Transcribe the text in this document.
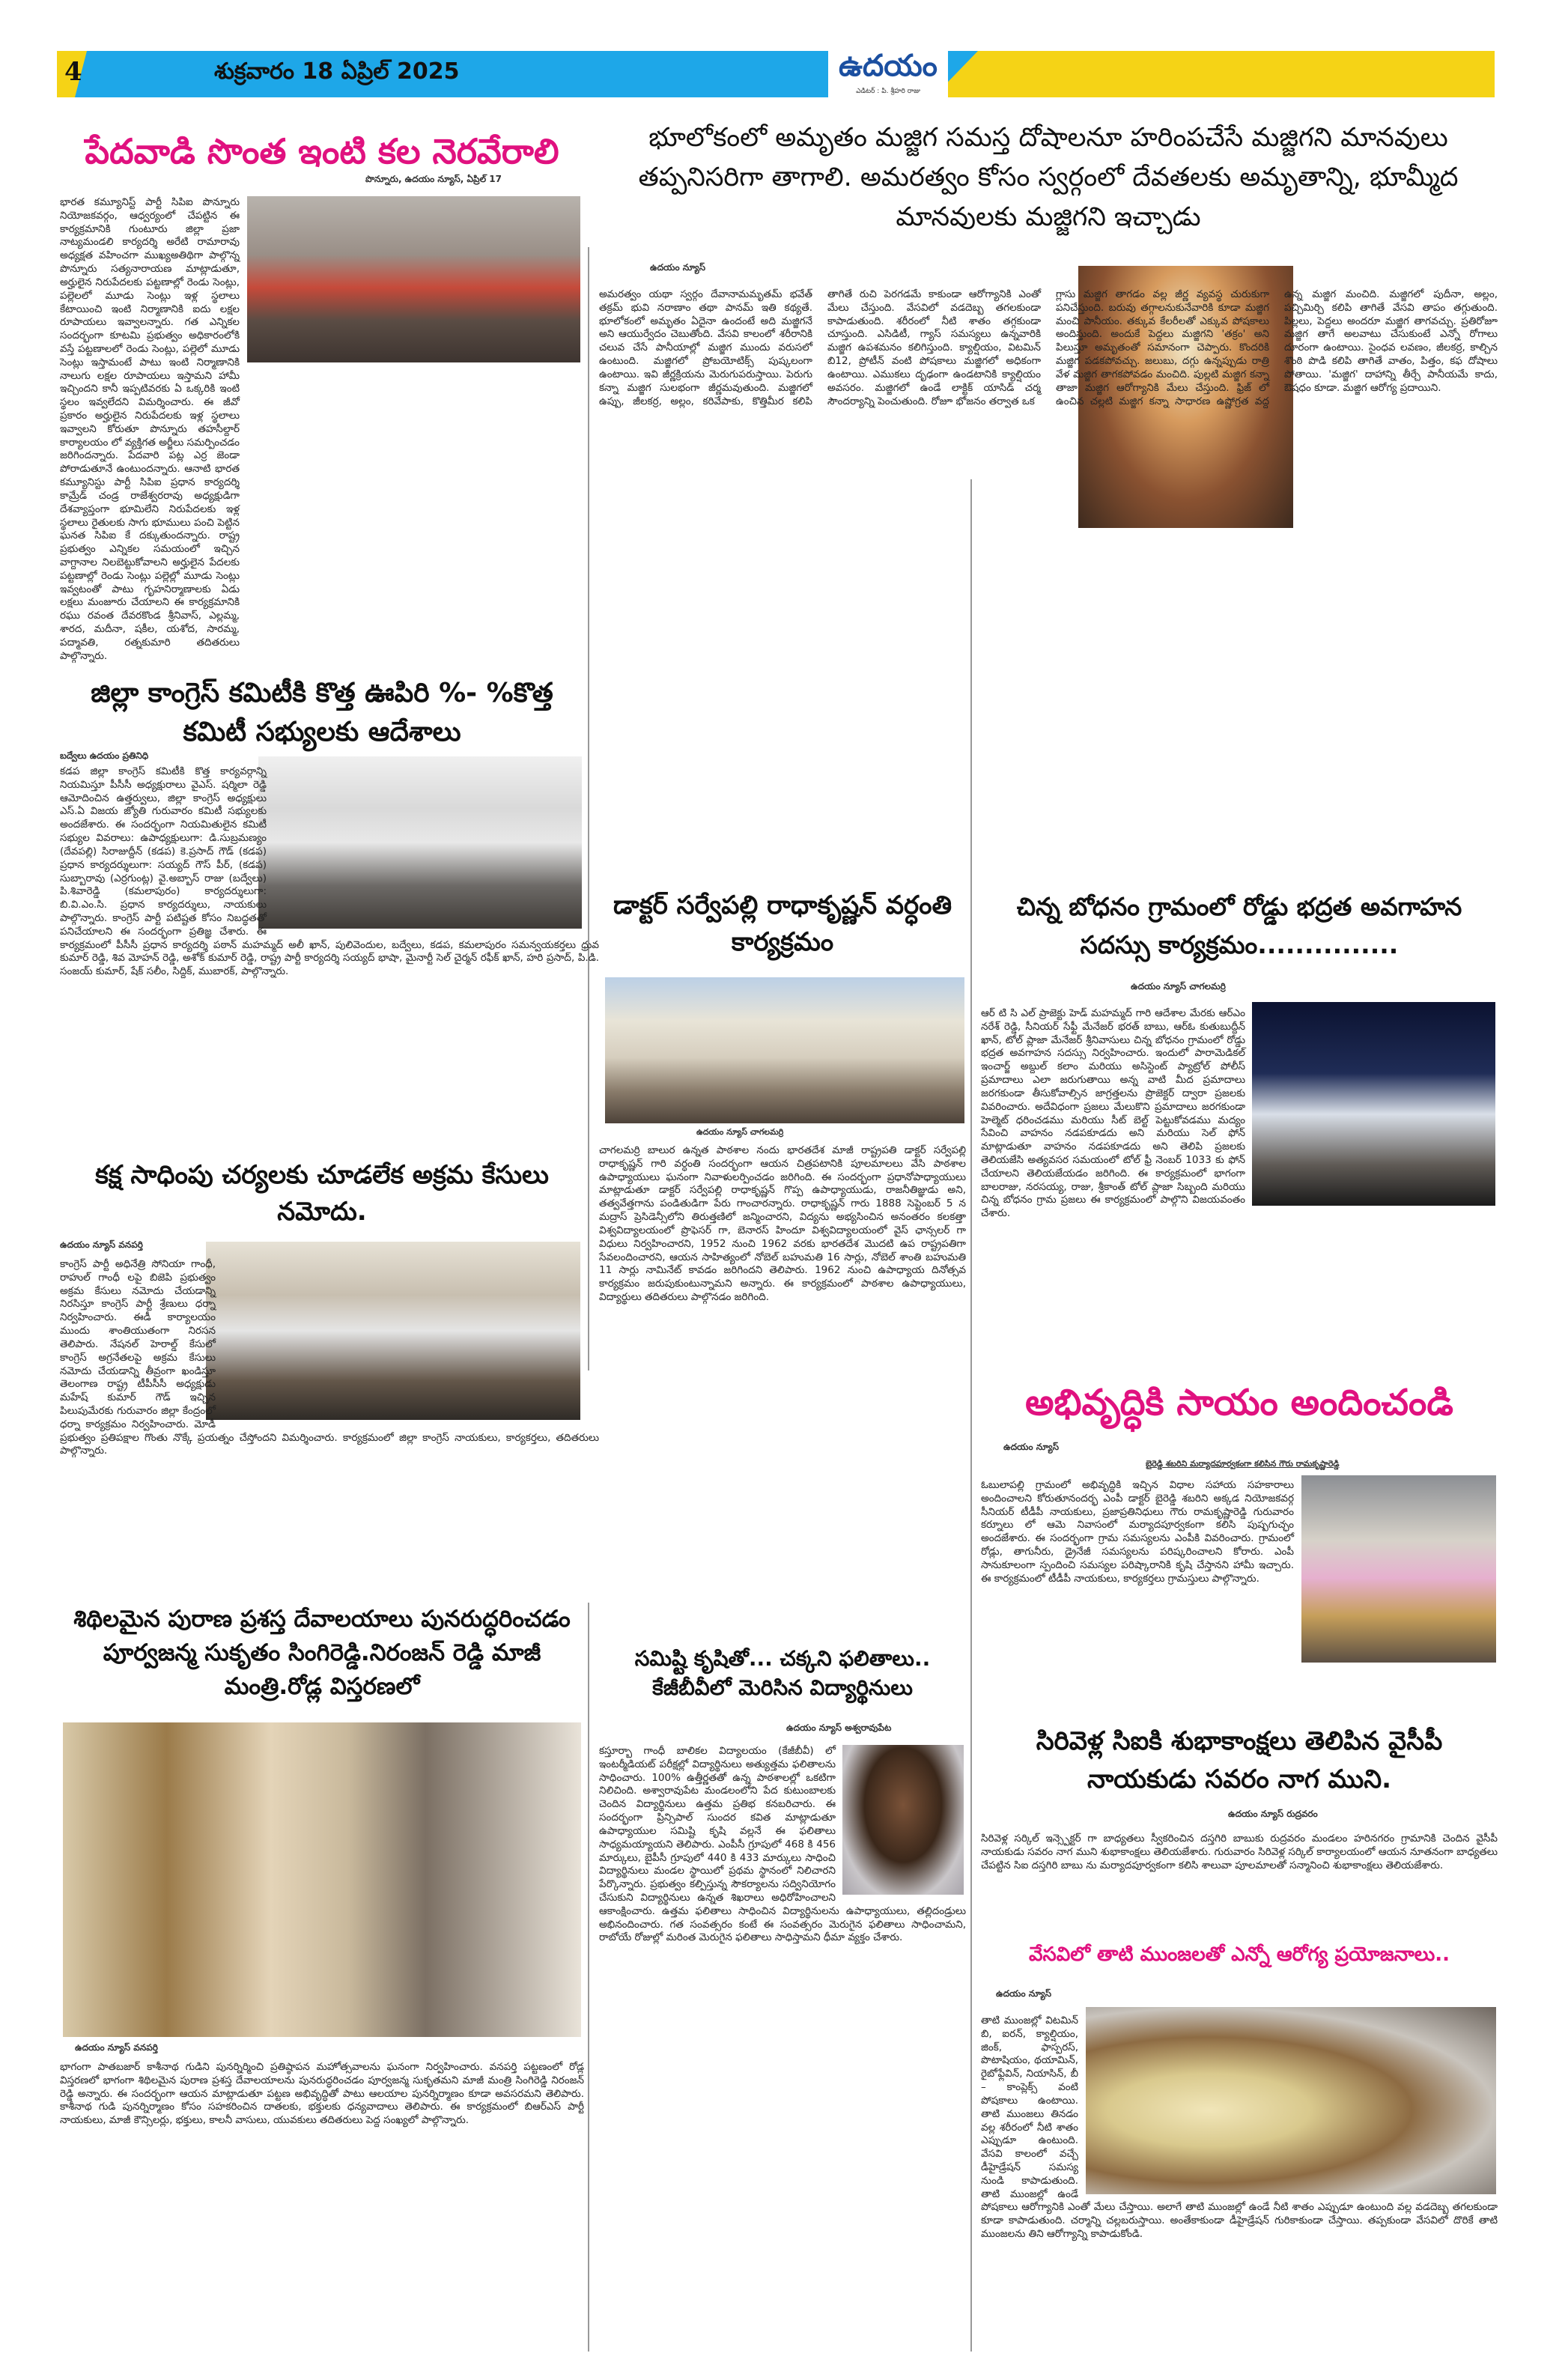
4	శుక్రవారం 18 ఏప్రిల్ 2025	ఉదయం
ఎడిటర్ : పి. శ్రీహరి రాజు
పేదవాడి సొంత ఇంటి కల నెరవేరాలి
పొన్నూరు, ఉదయం న్యూస్, ఏప్రిల్ 17
భారత కమ్యూనిస్ట్ పార్టీ సిపిఐ పొన్నూరు నియోజకవర్గం, ఆధ్వర్యంలో చేపట్టిన ఈ కార్యక్రమానికి గుంటూరు జిల్లా ప్రజా నాట్యమండలి కార్యదర్శి అరేటి రామారావు అధ్యక్షత వహించగా ముఖ్యఅతిథిగా పాల్గొన్న పొన్నూరు సత్యనారాయణ మాట్లాడుతూ, అర్హులైన నిరుపేదలకు పట్టణాల్లో రెండు సెంట్లు, పల్లెలలో మూడు సెంట్లు ఇళ్ల స్థలాలు కేటాయించి ఇంటి నిర్మాణానికి ఐదు లక్షల రూపాయలు ఇవ్వాలన్నారు. గత ఎన్నికల సందర్భంగా కూటమి ప్రభుత్వం అధికారంలోకి వస్తే పట్టణాలలో రెండు సెంట్లు, పల్లెలో మూడు సెంట్లు ఇస్తామంటే పాటు ఇంటి నిర్మాణానికి నాలుగు లక్షల రూపాయలు ఇస్తామని హామీ ఇచ్చిందని కానీ ఇప్పటివరకు ఏ ఒక్కరికి ఇంటి స్థలం ఇవ్వలేదని విమర్శించారు. ఈ జీవో ప్రకారం అర్హులైన నిరుపేదలకు ఇళ్ల స్థలాలు ఇవ్వాలని కోరుతూ పొన్నూరు తహసీల్దార్ కార్యాలయం లో వ్యక్తిగత అర్జీలు సమర్పించడం జరిగిందన్నారు. పేదవారి పట్ల ఎర్ర జెండా పోరాడుతూనే ఉంటుందన్నారు. ఆనాటి భారత కమ్యూనిస్టు పార్టీ సిపిఐ ప్రధాన కార్యదర్శి కామ్రేడ్ చండ్ర రాజేశ్వరరావు అధ్యక్షుడిగా దేశవ్యాప్తంగా భూమిలేని నిరుపేదలకు ఇళ్ల స్థలాలు రైతులకు సాగు భూములు పంచి పెట్టిన ఘనత సిపిఐ కే దక్కుతుందన్నారు. రాష్ట్ర ప్రభుత్వం ఎన్నికల సమయంలో ఇచ్చిన వాగ్దానాల నిలబెట్టుకోవాలని అర్హులైన పేదలకు పట్టణాల్లో రెండు సెంట్లు పల్లెల్లో మూడు సెంట్లు ఇవ్వటంతో పాటు గృహనిర్మాణాలకు ఏడు లక్షలు మంజూరు చేయాలని ఈ కార్యక్రమానికి రఘు రవంత దేవరకొండ శ్రీనివాస్, ఎల్లమ్మ, శారద, మదీనా, షకీల, యశోద, సారమ్మ, పద్మావతి, రత్నకుమారి తదితరులు పాల్గొన్నారు.
జిల్లా కాంగ్రెస్ కమిటీకి కొత్త ఊపిరి %- %కొత్త కమిటీ సభ్యులకు ఆదేశాలు
బద్వేలు ఉదయం ప్రతినిధి
కడప జిల్లా కాంగ్రెస్ కమిటీకి కొత్త కార్యవర్గాన్ని నియమిస్తూ పీసీసీ అధ్యక్షురాలు వైఎస్. షర్మిలా రెడ్డి ఆమోదించిన ఉత్తర్వులు, జిల్లా కాంగ్రెస్ అధ్యక్షులు ఎస్.ఏ విజయ జ్యోతి గురువారం కమిటీ సభ్యులకు అందజేశారు. ఈ సందర్భంగా నియమితులైన కమిటీ సభ్యుల వివరాలు: ఉపాధ్యక్షులుగా: డి.సుబ్రమణ్యం (దేవపల్లి) సిరాజుద్దీన్ (కడప) కె.ప్రసాద్ గౌడ్ (కడప) ప్రధాన కార్యదర్శులుగా: సయ్యద్ గౌస్ పీర్, (కడప) సుబ్బారావు (ఎర్రగుంట్ల) వై.అబ్బాస్ రాజు (బద్వేలు) పి.శివారెడ్డి (కమలాపురం) కార్యదర్శులుగా: బి.వి.ఎం.సి. ప్రధాన కార్యదర్శులు, నాయకులు పాల్గొన్నారు. కాంగ్రెస్ పార్టీ పటిష్టత కోసం నిబద్ధతతో పనిచేయాలని ఈ సందర్భంగా ప్రతిజ్ఞ చేశారు. ఈ కార్యక్రమంలో పీసీసీ ప్రధాన కార్యదర్శి పఠాన్ మహమ్మద్ అలీ ఖాన్, పులివెందుల, బద్వేలు, కడప, కమలాపురం సమన్వయకర్తలు ధ్రువ కుమార్ రెడ్డి, శివ మోహన్ రెడ్డి, అశోక్ కుమార్ రెడ్డి, రాష్ట్ర పార్టీ కార్యదర్శి సయ్యద్ భాషా, మైనార్టీ సెల్ చైర్మన్ రఫీక్ ఖాన్, హరి ప్రసాద్, పి.డి. సంజయ్ కుమార్, షేక్ సలీం, సిద్దిక్, ముబారక్, పాల్గొన్నారు.
కక్ష సాధింపు చర్యలకు చూడలేక అక్రమ కేసులు నమోదు.
ఉదయం న్యూస్ వనపర్తి
కాంగ్రెస్ పార్టీ అధినేత్రి సోనియా గాంధీ, రాహుల్ గాంధీ లపై బిజెపి ప్రభుత్వం అక్రమ కేసులు నమోదు చేయడాన్ని నిరసిస్తూ కాంగ్రెస్ పార్టీ శ్రేణులు ధర్నా నిర్వహించారు. ఈడీ కార్యాలయం ముందు శాంతియుతంగా నిరసన తెలిపారు. నేషనల్ హెరాల్డ్ కేసులో కాంగ్రెస్ అగ్రనేతలపై అక్రమ కేసులు నమోదు చేయడాన్ని తీవ్రంగా ఖండిస్తూ తెలంగాణ రాష్ట్ర టీపీసీసీ అధ్యక్షుడు మహేష్ కుమార్ గౌడ్ ఇచ్చిన పిలుపుమేరకు గురువారం జిల్లా కేంద్రంలో ధర్నా కార్యక్రమం నిర్వహించారు. మోడీ ప్రభుత్వం ప్రతిపక్షాల గొంతు నొక్కే ప్రయత్నం చేస్తోందని విమర్శించారు. కార్యక్రమంలో జిల్లా కాంగ్రెస్ నాయకులు, కార్యకర్తలు, తదితరులు పాల్గొన్నారు.
శిథిలమైన పురాణ ప్రశస్త దేవాలయాలు పునరుద్ధరించడం పూర్వజన్మ సుకృతం సింగిరెడ్డి.నిరంజన్ రెడ్డి మాజీ మంత్రి.రోడ్ల విస్తరణలో
ఉదయం న్యూస్ వనపర్తి
భాగంగా పాతబజార్ కాశీనాథ గుడిని పునర్నిర్మించి ప్రతిష్ఠాపన మహోత్సవాలను ఘనంగా నిర్వహించారు. వనపర్తి పట్టణంలో రోడ్ల విస్తరణలో భాగంగా శిథిలమైన పురాణ ప్రశస్త దేవాలయాలను పునరుద్ధరించడం పూర్వజన్మ సుకృతమని మాజీ మంత్రి సింగిరెడ్డి నిరంజన్ రెడ్డి అన్నారు. ఈ సందర్భంగా ఆయన మాట్లాడుతూ పట్టణ అభివృద్ధితో పాటు ఆలయాల పునర్నిర్మాణం కూడా అవసరమని తెలిపారు. కాశీనాథ గుడి పునర్నిర్మాణం కోసం సహకరించిన దాతలకు, భక్తులకు ధన్యవాదాలు తెలిపారు. ఈ కార్యక్రమంలో బిఆర్ఎస్ పార్టీ నాయకులు, మాజీ కౌన్సిలర్లు, భక్తులు, కాలనీ వాసులు, యువకులు తదితరులు పెద్ద సంఖ్యలో పాల్గొన్నారు.
భూలోకంలో అమృతం మజ్జిగ సమస్త దోషాలనూ హరింపచేసే మజ్జిగని మానవులు తప్పనిసరిగా తాగాలి. అమరత్వం కోసం స్వర్గంలో దేవతలకు అమృతాన్ని, భూమ్మీద మానవులకు మజ్జిగని ఇచ్చాడు
ఉదయం న్యూస్
అమరత్వం యథా స్వర్గం దేవానామమృతమ్ భవేత్ తక్రమ్ భువి నరాణాం తథా పానమ్ ఇతి కథ్యతే. భూలోకంలో అమృతం ఏదైనా ఉందంటే అది మజ్జిగనే అని ఆయుర్వేదం చెబుతోంది. వేసవి కాలంలో శరీరానికి చలువ చేసే పానీయాల్లో మజ్జిగ ముందు వరుసలో ఉంటుంది. మజ్జిగలో ప్రోబయోటిక్స్ పుష్కలంగా ఉంటాయి. ఇవి జీర్ణక్రియను మెరుగుపరుస్తాయి. పెరుగు కన్నా మజ్జిగ సులభంగా జీర్ణమవుతుంది. మజ్జిగలో ఉప్పు, జీలకర్ర, అల్లం, కరివేపాకు, కొత్తిమీర కలిపి తాగితే రుచి పెరగడమే కాకుండా ఆరోగ్యానికి ఎంతో మేలు చేస్తుంది. వేసవిలో వడదెబ్బ తగలకుండా కాపాడుతుంది. శరీరంలో నీటి శాతం తగ్గకుండా చూస్తుంది. ఎసిడిటీ, గ్యాస్ సమస్యలు ఉన్నవారికి మజ్జిగ ఉపశమనం కలిగిస్తుంది. క్యాల్షియం, విటమిన్ బి12, ప్రోటీన్ వంటి పోషకాలు మజ్జిగలో అధికంగా ఉంటాయి. ఎముకలు దృఢంగా ఉండటానికి క్యాల్షియం అవసరం. మజ్జిగలో ఉండే లాక్టిక్ యాసిడ్ చర్మ సౌందర్యాన్ని పెంచుతుంది. రోజూ భోజనం తర్వాత ఒక
గ్లాసు మజ్జిగ తాగడం వల్ల జీర్ణ వ్యవస్థ చురుకుగా పనిచేస్తుంది. బరువు తగ్గాలనుకునేవారికి కూడా మజ్జిగ మంచి పానీయం. తక్కువ కేలరీలతో ఎక్కువ పోషకాలు అందిస్తుంది. అందుకే పెద్దలు మజ్జిగని 'తక్రం' అని పిలుస్తూ అమృతంతో సమానంగా చెప్పారు. కొందరికి మజ్జిగ పడకపోవచ్చు. జలుబు, దగ్గు ఉన్నప్పుడు రాత్రి వేళ మజ్జిగ తాగకపోవడం మంచిది. పుల్లటి మజ్జిగ కన్నా తాజా మజ్జిగ ఆరోగ్యానికి మేలు చేస్తుంది. ఫ్రిజ్ లో ఉంచిన చల్లటి మజ్జిగ కన్నా సాధారణ ఉష్ణోగ్రత వద్ద ఉన్న మజ్జిగ మంచిది. మజ్జిగలో పుదీనా, అల్లం, పచ్చిమిర్చి కలిపి తాగితే వేసవి తాపం తగ్గుతుంది. పిల్లలు, పెద్దలు అందరూ మజ్జిగ తాగవచ్చు. ప్రతిరోజూ మజ్జిగ తాగే అలవాటు చేసుకుంటే ఎన్నో రోగాలు దూరంగా ఉంటాయి. సైంధవ లవణం, జీలకర్ర, కాల్చిన శొంఠి పొడి కలిపి తాగితే వాతం, పిత్తం, కఫ దోషాలు పోతాయి. 'మజ్జిగ' దాహాన్ని తీర్చే పానీయమే కాదు, ఔషధం కూడా. మజ్జిగ ఆరోగ్య ప్రదాయిని.
డాక్టర్ సర్వేపల్లి రాధాకృష్ణన్ వర్ధంతి కార్యక్రమం
ఉదయం న్యూస్ చాగలమర్రి
చాగలమర్రి బాలుర ఉన్నత పాఠశాల నందు భారతదేశ మాజీ రాష్ట్రపతి డాక్టర్ సర్వేపల్లి రాధాకృష్ణన్ గారి వర్ధంతి సందర్భంగా ఆయన చిత్రపటానికి పూలమాలలు వేసి పాఠశాల ఉపాధ్యాయులు ఘనంగా నివాళులర్పించడం జరిగింది. ఈ సందర్భంగా ప్రధానోపాధ్యాయులు మాట్లాడుతూ డాక్టర్ సర్వేపల్లి రాధాకృష్ణన్ గొప్ప ఉపాధ్యాయుడు, రాజనీతిజ్ఞుడు అని, తత్వవేత్తగాను పండితుడిగా పేరు గాంచారన్నారు. రాధాకృష్ణన్ గారు 1888 సెప్టెంబర్ 5 న మద్రాస్ ప్రెసిడెన్సీలోని తిరుత్తణిలో జన్మించారని, విద్యను అభ్యసించిన అనంతరం కలకత్తా విశ్వవిద్యాలయంలో ప్రొఫెసర్ గా, బెనారస్ హిందూ విశ్వవిద్యాలయంలో వైస్ ఛాన్సలర్ గా విధులు నిర్వహించారని, 1952 నుంచి 1962 వరకు భారతదేశ మొదటి ఉప రాష్ట్రపతిగా సేవలందించారని, ఆయన సాహిత్యంలో నోబెల్ బహుమతి 16 సార్లు, నోబెల్ శాంతి బహుమతి 11 సార్లు నామినేట్ కావడం జరిగిందని తెలిపారు. 1962 నుంచి ఉపాధ్యాయ దినోత్సవ కార్యక్రమం జరుపుకుంటున్నామని అన్నారు. ఈ కార్యక్రమంలో పాఠశాల ఉపాధ్యాయులు, విద్యార్థులు తదితరులు పాల్గొనడం జరిగింది.
సమిష్టి కృషితో... చక్కని ఫలితాలు.. కేజీబీవీలో మెరిసిన విద్యార్థినులు
ఉదయం న్యూస్ అశ్వరావుపేట
కస్తూర్బా గాంధీ బాలికల విద్యాలయం (కేజీబీవీ) లో ఇంటర్మీడియట్ పరీక్షల్లో విద్యార్థినులు అత్యుత్తమ ఫలితాలను సాధించారు. 100% ఉత్తీర్ణతతో ఉన్న పాఠశాలల్లో ఒకటిగా నిలిచింది. అశ్వారావుపేట మండలంలోని పేద కుటుంబాలకు చెందిన విద్యార్థినులు ఉత్తమ ప్రతిభ కనబరిచారు. ఈ సందర్భంగా ప్రిన్సిపాల్ సుందర కవిత మాట్లాడుతూ ఉపాధ్యాయుల సమిష్టి కృషి వల్లనే ఈ ఫలితాలు సాధ్యమయ్యాయని తెలిపారు. ఎంపీసీ గ్రూపులో 468 కి 456 మార్కులు, బైపీసీ గ్రూపులో 440 కి 433 మార్కులు సాధించి విద్యార్థినులు మండల స్థాయిలో ప్రథమ స్థానంలో నిలిచారని పేర్కొన్నారు. ప్రభుత్వం కల్పిస్తున్న సౌకర్యాలను సద్వినియోగం చేసుకుని విద్యార్థినులు ఉన్నత శిఖరాలు అధిరోహించాలని ఆకాంక్షించారు. ఉత్తమ ఫలితాలు సాధించిన విద్యార్థినులను ఉపాధ్యాయులు, తల్లిదండ్రులు అభినందించారు. గత సంవత్సరం కంటే ఈ సంవత్సరం మెరుగైన ఫలితాలు సాధించామని, రాబోయే రోజుల్లో మరింత మెరుగైన ఫలితాలు సాధిస్తామని ధీమా వ్యక్తం చేశారు.
చిన్న బోధనం గ్రామంలో రోడ్డు భద్రత అవగాహన సదస్సు కార్యక్రమం...............
ఉదయం న్యూస్ చాగలమర్రి
ఆర్ టి సి ఎల్ ప్రాజెక్టు హెడ్ మహమ్మద్ గారి ఆదేశాల మేరకు ఆర్ఎం నరేశ్ రెడ్డి, సీనియర్ సేఫ్టీ మేనేజర్ భరత్ బాబు, ఆర్ఓ కుతుబుద్దీన్ ఖాన్, టోల్ ప్లాజా మేనేజర్ శ్రీనివాసులు చిన్న బోధనం గ్రామంలో రోడ్డు భద్రత అవగాహన సదస్సు నిర్వహించారు. ఇందులో పారామెడికల్ ఇంచార్జ్ అబ్దుల్ కలాం మరియు అసిస్టెంట్ ప్యాట్రోల్ పోలీస్ ప్రమాదాలు ఎలా జరుగుతాయి అన్న వాటి మీద ప్రమాదాలు జరగకుండా తీసుకోవాల్సిన జాగ్రత్తలను ప్రొజెక్టర్ ద్వారా ప్రజలకు వివరించారు. అదేవిధంగా ప్రజలు మేలుకొని ప్రమాదాలు జరగకుండా హెల్మెట్ ధరించడము మరియు సీట్ బెల్ట్ పెట్టుకోవడము మద్యం సేవించి వాహనం నడపకూడదు అని మరియు సెల్ ఫోన్ మాట్లాడుతూ వాహనం నడపకూడదు అని తెలిపి ప్రజలకు తెలియజేసి అత్యవసర సమయంలో టోల్ ఫ్రీ నెంబర్ 1033 కు ఫోన్ చేయాలని తెలియజేయడం జరిగింది. ఈ కార్యక్రమంలో భాగంగా బాలరాజు, నరసయ్య, రాజు, శ్రీకాంత్ టోల్ ప్లాజా సిబ్బంది మరియు చిన్న బోధనం గ్రామ ప్రజలు ఈ కార్యక్రమంలో పాల్గొని విజయవంతం చేశారు.
అభివృద్ధికి సాయం అందించండి
ఉదయం న్యూస్
బైరెడ్డి శబరిని మర్యాదపూర్వకంగా కలిసిన గౌరు రామకృష్ణారెడ్డి
ఓబులాపల్లి గ్రామంలో అభివృద్ధికి ఇచ్చిన విధాల సహాయ సహకారాలు అందించాలని కోరుతూనందర్భ ఎంపీ డాక్టర్ బైరెడ్డి శబరిని అక్కడ నియోజకవర్గ సీనియర్ టీడీపీ నాయకులు, ప్రజాప్రతినిధులు గౌరు రామకృష్ణారెడ్డి గురువారం కర్నూలు లో ఆమె నివాసంలో మర్యాదపూర్వకంగా కలిసి పుష్పగుచ్ఛం అందజేశారు. ఈ సందర్భంగా గ్రామ సమస్యలను ఎంపీకి వివరించారు. గ్రామంలో రోడ్లు, తాగునీరు, డ్రైనేజీ సమస్యలను పరిష్కరించాలని కోరారు. ఎంపీ సానుకూలంగా స్పందించి సమస్యల పరిష్కారానికి కృషి చేస్తానని హామీ ఇచ్చారు. ఈ కార్యక్రమంలో టీడీపీ నాయకులు, కార్యకర్తలు గ్రామస్తులు పాల్గొన్నారు.
సిరివెళ్ల సిఐకి శుభాకాంక్షలు తెలిపిన వైసీపీ నాయకుడు సవరం నాగ ముని.
ఉదయం న్యూస్ రుద్రవరం
సిరివెళ్ల సర్కిల్ ఇన్స్పెక్టర్ గా బాధ్యతలు స్వీకరించిన దస్తగిరి బాబుకు రుద్రవరం మండలం హరినగరం గ్రామానికి చెందిన వైసీపీ నాయకుడు సవరం నాగ ముని శుభాకాంక్షలు తెలియజేశారు. గురువారం సిరివెళ్ల సర్కిల్ కార్యాలయంలో ఆయన నూతనంగా బాధ్యతలు చేపట్టిన సిఐ దస్తగిరి బాబు ను మర్యాదపూర్వకంగా కలిసి శాలువా పూలమాలతో సన్మానించి శుభాకాంక్షలు తెలియజేశారు.
వేసవిలో తాటి ముంజలతో ఎన్నో ఆరోగ్య ప్రయోజనాలు..
ఉదయం న్యూస్
తాటి ముంజల్లో విటమిన్ బి, ఐరన్, క్యాల్షియం, జింక్, ఫాస్పరస్, పొటాషియం, థయామిన్, రైబోఫ్లేవిన్, నియాసిన్, బీ – కాంప్లెక్స్ వంటి పోషకాలు ఉంటాయి. తాటి ముంజలు తినడం వల్ల శరీరంలో నీటి శాతం ఎప్పుడూ ఉంటుంది. వేసవి కాలంలో వచ్చే డీహైడ్రేషన్ సమస్య నుండి కాపాడుతుంది. తాటి ముంజల్లో ఉండే పోషకాలు ఆరోగ్యానికి ఎంతో మేలు చేస్తాయి. అలాగే తాటి ముంజల్లో ఉండే నీటి శాతం ఎప్పుడూ ఉంటుంది వల్ల వడదెబ్బ తగలకుండా కూడా కాపాడుతుంది. చర్మాన్ని చల్లబరుస్తాయి. అంతేకాకుండా డీహైడ్రేషన్ గురికాకుండా చేస్తాయి. తప్పకుండా వేసవిలో దొరికే తాటి ముంజలను తిని ఆరోగ్యాన్ని కాపాడుకోండి.
